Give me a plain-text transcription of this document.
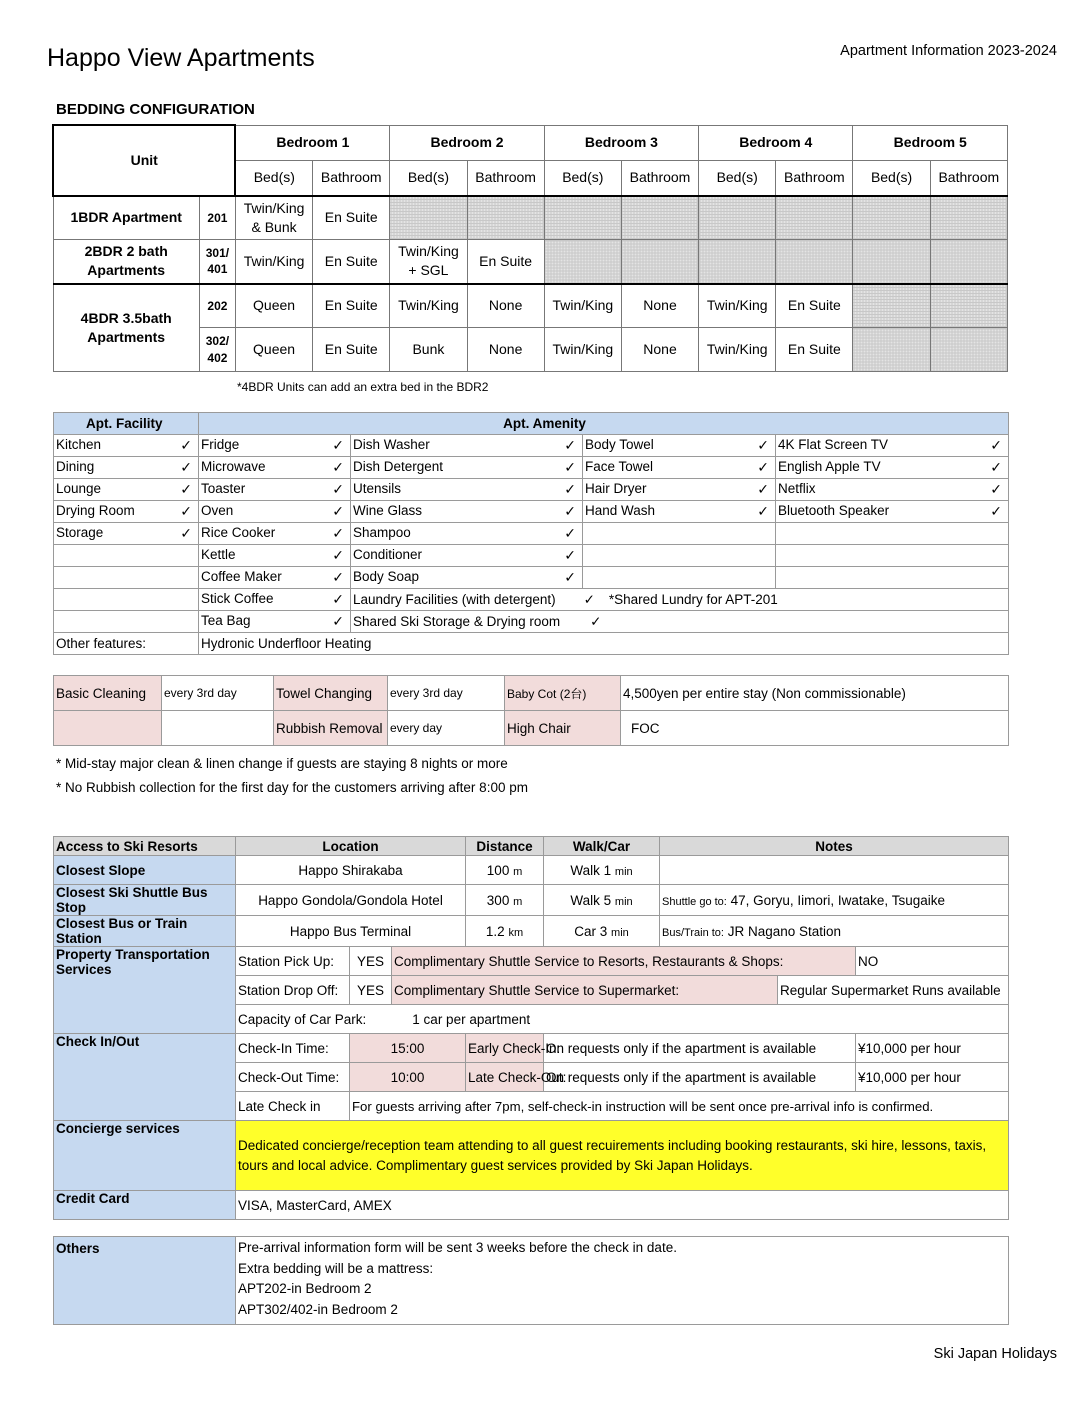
Happo View Apartments	Apartment Information 2023-2024
BEDDING CONFIGURATION
Unit		Bedroom 1		Bedroom 2		Bedroom 3		Bedroom 4		Bedroom 5	
		Bed(s)	Bathroom	Bed(s)	Bathroom	Bed(s)	Bathroom	Bed(s)	Bathroom	Bed(s)	Bathroom
1BDR Apartment	201	Twin/King & Bunk	En Suite								
2BDR 2 bath Apartments	301/ 401	Twin/King	En Suite	Twin/King + SGL	En Suite						
4BDR 3.5bath Apartments	202	Queen	En Suite	Twin/King	None	Twin/King	None	Twin/King	En Suite		
	302/ 402	Queen	En Suite	Bunk	None	Twin/King	None	Twin/King	En Suite		
*4BDR Units can add an extra bed in the BDR2
Apt. Facility	Apt. Amenity			
Kitchen ✓	Fridge ✓	Dish Washer ✓	Body Towel ✓	4K Flat Screen TV ✓

Dining ✓	Microwave ✓	Dish Detergent ✓	Face Towel ✓	English Apple TV ✓

Lounge ✓	Toaster ✓	Utensils ✓	Hair Dryer ✓	Netflix ✓

Drying Room ✓	Oven ✓	Wine Glass ✓	Hand Wash ✓	Bluetooth Speaker ✓

Storage ✓	Rice Cooker ✓	Shampoo ✓		

	Kettle ✓	Conditioner ✓		

	Coffee Maker ✓	Body Soap ✓		

	Stick Coffee ✓	Laundry Facilities (with detergent) ✓ *Shared Lundry for APT-201		
	Tea Bag ✓	Shared Ski Storage & Drying room ✓		
Other features:	Hydronic Underfloor Heating			
Basic Cleaning	every 3rd day	Towel Changing	every 3rd day	Baby Cot (2台)	4,500yen per entire stay (Non commissionable)
		Rubbish Removal	every day	High Chair	FOC
* Mid-stay major clean & linen change if guests are staying 8 nights or more
* No Rubbish collection for the first day for the customers arriving after 8:00 pm
Access to Ski Resorts	Location			Distance	Walk/Car	Notes		
Closest Slope	Happo Shirakaba			100 m	Walk 1 min			
Closest Ski Shuttle Bus Stop	Happo Gondola/Gondola Hotel			300 m	Walk 5 min	Shuttle go to: 47, Goryu, Iimori, Iwatake, Tsugaike		
Closest Bus or Train Station	Happo Bus Terminal			1.2 km	Car 3 min	Bus/Train to: JR Nagano Station		
Property Transportation Services	Station Pick Up:	YES	Complimentary Shuttle Service to Resorts, Restaurants & Shops:					NO
	Station Drop Off:	YES	Complimentary Shuttle Service to Supermarket:				Regular Supermarket Runs available	
	Capacity of Car Park: 1 car per apartment							
Check In/Out	Check-In Time:	15:00		Early Check-In:	On requests only if the apartment is available			¥10,000 per hour
	Check-Out Time:	10:00		Late Check-Out:	On requests only if the apartment is available			¥10,000 per hour
	Late Check in	For guests arriving after 7pm, self-check-in instruction will be sent once pre-arrival info is confirmed.						
Concierge services	Dedicated concierge/reception team attending to all guest recuirements including booking restaurants, ski hire, lessons, taxis, tours and local advice. Complimentary guest services provided by Ski Japan Holidays.							
Credit Card	VISA, MasterCard, AMEX							
Others	Pre-arrival information form will be sent 3 weeks before the check in date.
Extra bedding will be a mattress:
APT202-in Bedroom 2
APT302/402-in Bedroom 2
Ski Japan Holidays
